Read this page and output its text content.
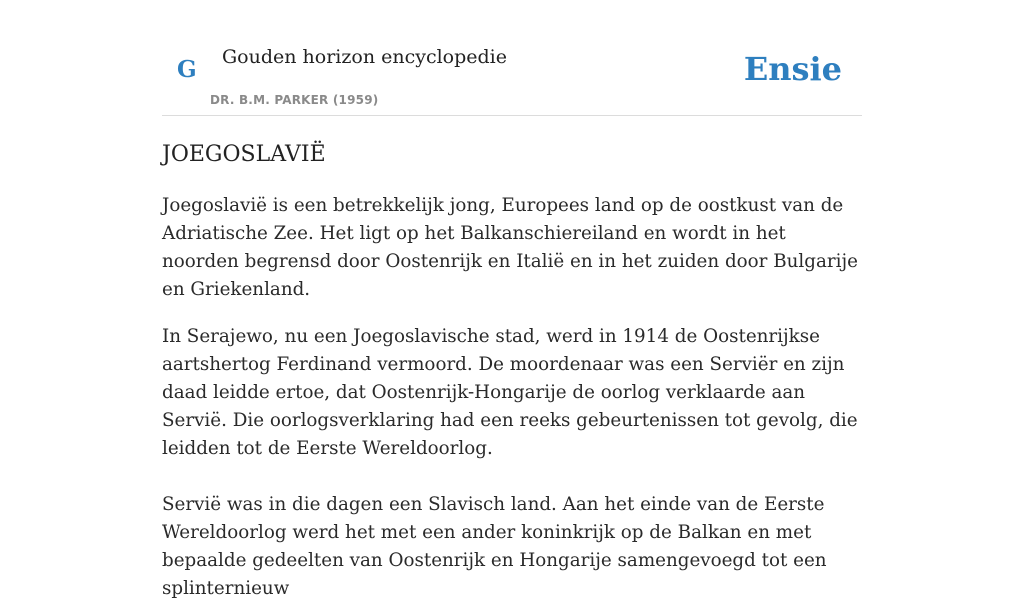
G Gouden horizon encyclopedie
DR. B.M. PARKER (1959)
Ensie
JOEGOSLAVIË

Joegoslavië is een betrekkelijk jong, Europees land op de oostkust van de Adriatische Zee. Het ligt op het Balkanschiereiland en wordt in het noorden begrensd door Oostenrijk en Italië en in het zuiden door Bulgarije en Griekenland.

In Serajewo, nu een Joegoslavische stad, werd in 1914 de Oostenrijkse aartshertog Ferdinand vermoord. De moordenaar was een Serviër en zijn daad leidde ertoe, dat Oostenrijk-Hongarije de oorlog verklaarde aan Servië. Die oorlogsverklaring had een reeks gebeurtenissen tot gevolg, die leidden tot de Eerste Wereldoorlog.

Servië was in die dagen een Slavisch land. Aan het einde van de Eerste Wereldoorlog werd het met een ander koninkrijk op de Balkan en met bepaalde gedeelten van Oostenrijk en Hongarije samengevoegd tot een splinternieuw
